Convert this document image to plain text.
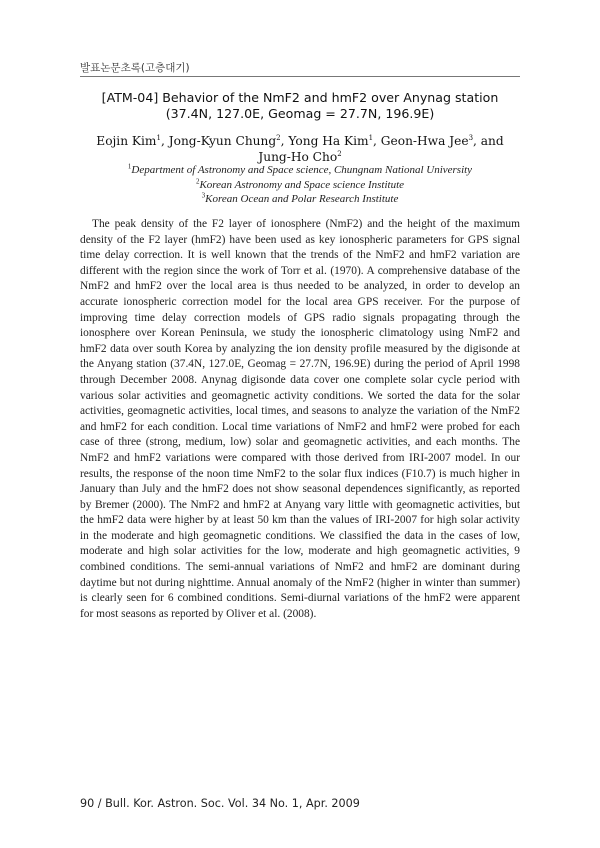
발표논문초록(고층대기)
[ATM-04] Behavior of the NmF2 and hmF2 over Anynag station (37.4N, 127.0E, Geomag = 27.7N, 196.9E)
Eojin Kim$^1$, Jong-Kyun Chung$^2$, Yong Ha Kim$^1$, Geon-Hwa Jee$^3$, and Jung-Ho Cho$^2$
$^1$Department of Astronomy and Space science, Chungnam National University
$^2$Korean Astronomy and Space science Institute
$^3$Korean Ocean and Polar Research Institute

The peak density of the F2 layer of ionosphere (NmF2) and the height of the maximum density of the F2 layer (hmF2) have been used as key ionospheric parameters for GPS signal time delay correction. It is well known that the trends of the NmF2 and hmF2 variation are different with the region since the work of Torr et al. (1970). A comprehensive database of the NmF2 and hmF2 over the local area is thus needed to be analyzed, in order to develop an accurate ionospheric correction model for the local area GPS receiver. For the purpose of improving time delay correction models of GPS radio signals propagating through the ionosphere over Korean Peninsula, we study the ionospheric climatology using NmF2 and hmF2 data over south Korea by analyzing the ion density profile measured by the digisonde at the Anyang station (37.4N, 127.0E, Geomag = 27.7N, 196.9E) during the period of April 1998 through December 2008. Anynag digisonde data cover one complete solar cycle period with various solar activities and geomagnetic activity conditions. We sorted the data for the solar activities, geomagnetic activities, local times, and seasons to analyze the variation of the NmF2 and hmF2 for each condition. Local time variations of NmF2 and hmF2 were probed for each case of three (strong, medium, low) solar and geomagnetic activities, and each months. The NmF2 and hmF2 variations were compared with those derived from IRI-2007 model. In our results, the response of the noon time NmF2 to the solar flux indices (F10.7) is much higher in January than July and the hmF2 does not show seasonal dependences significantly, as reported by Bremer (2000). The NmF2 and hmF2 at Anyang vary little with geomagnetic activities, but the hmF2 data were higher by at least 50 km than the values of IRI-2007 for high solar activity in the moderate and high geomagnetic conditions. We classified the data in the cases of low, moderate and high solar activities for the low, moderate and high geomagnetic activities, 9 combined conditions. The semi-annual variations of NmF2 and hmF2 are dominant during daytime but not during nighttime. Annual anomaly of the NmF2 (higher in winter than summer) is clearly seen for 6 combined conditions. Semi-diurnal variations of the hmF2 were apparent for most seasons as reported by Oliver et al. (2008).

90 / Bull. Kor. Astron. Soc. Vol. 34 No. 1, Apr. 2009
